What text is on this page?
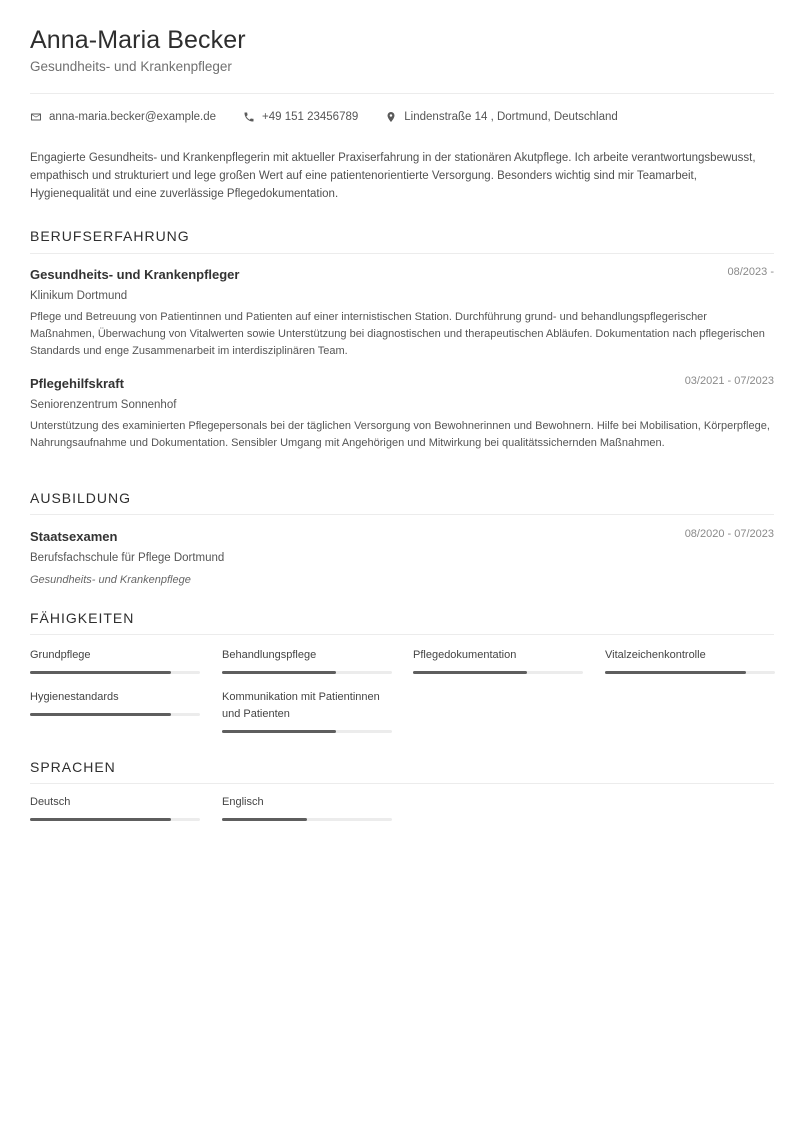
Anna-Maria Becker
Gesundheits- und Krankenpfleger
anna-maria.becker@example.de	+49 151 23456789	Lindenstraße 14 , Dortmund, Deutschland

Engagierte Gesundheits- und Krankenpflegerin mit aktueller Praxiserfahrung in der stationären Akutpflege. Ich arbeite verantwortungsbewusst, empathisch und strukturiert und lege großen Wert auf eine patientenorientierte Versorgung. Besonders wichtig sind mir Teamarbeit, Hygienequalität und eine zuverlässige Pflegedokumentation.

BERUFSERFAHRUNG
Gesundheits- und Krankenpfleger	08/2023 -
Klinikum Dortmund

Pflege und Betreuung von Patientinnen und Patienten auf einer internistischen Station. Durchführung grund- und behandlungspflegerischer Maßnahmen, Überwachung von Vitalwerten sowie Unterstützung bei diagnostischen und therapeutischen Abläufen. Dokumentation nach pflegerischen Standards und enge Zusammenarbeit im interdisziplinären Team.

Pflegehilfskraft	03/2021 - 07/2023
Seniorenzentrum Sonnenhof

Unterstützung des examinierten Pflegepersonals bei der täglichen Versorgung von Bewohnerinnen und Bewohnern. Hilfe bei Mobilisation, Körperpflege, Nahrungsaufnahme und Dokumentation. Sensibler Umgang mit Angehörigen und Mitwirkung bei qualitätssichernden Maßnahmen.

AUSBILDUNG
Staatsexamen	08/2020 - 07/2023
Berufsfachschule für Pflege Dortmund
Gesundheits- und Krankenpflege
FÄHIGKEITEN
Grundpflege	Behandlungspflege	Pflegedokumentation	Vitalzeichenkontrolle
Hygienestandards	Kommunikation mit Patientinnen und Patienten
SPRACHEN
Deutsch	Englisch
